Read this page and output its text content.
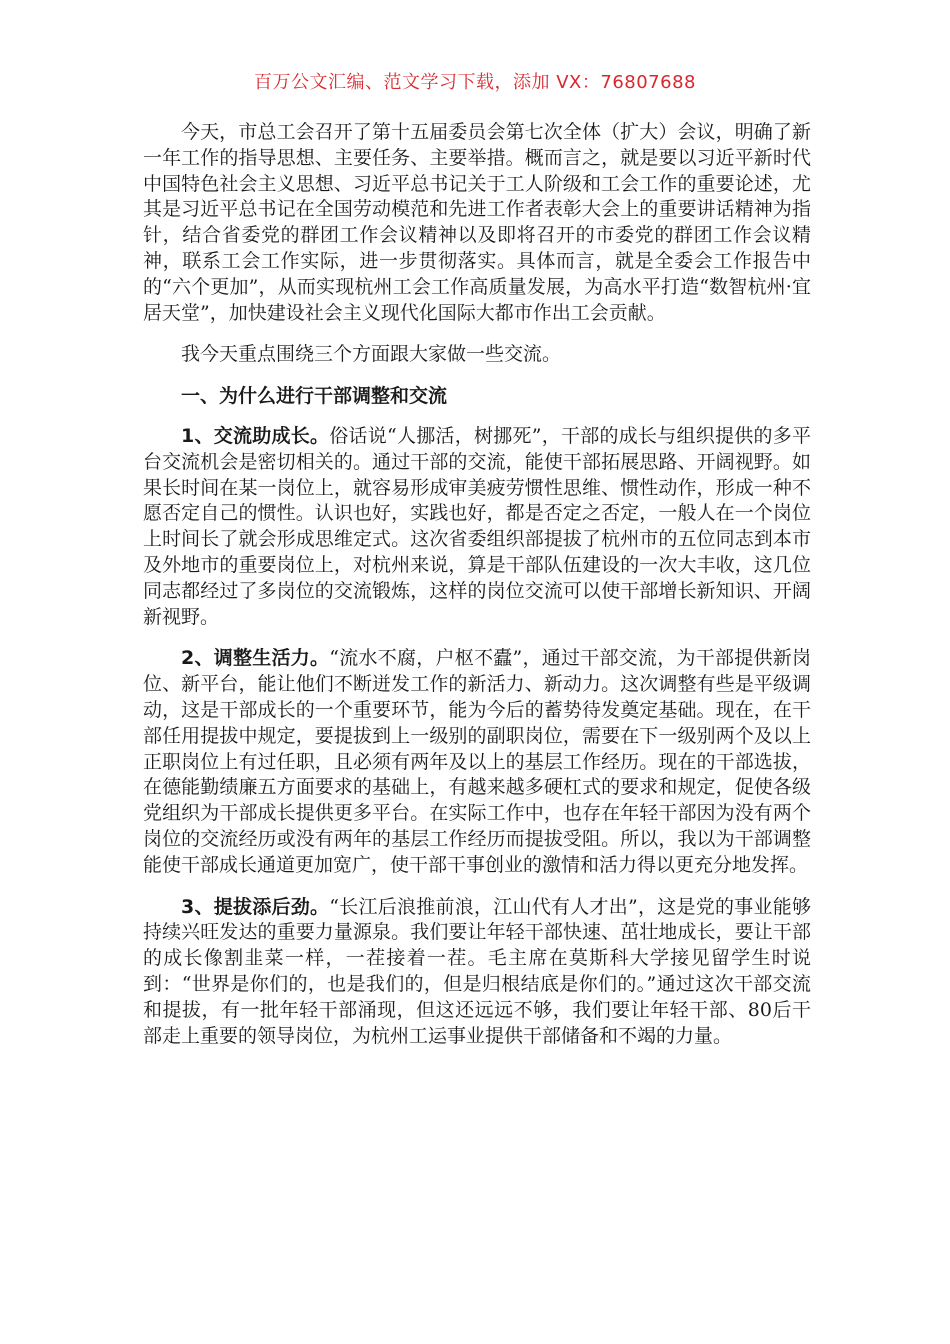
百万公文汇编、范文学习下载，添加 VX：76807688

今天，市总工会召开了第十五届委员会第七次全体（扩大）会议，明确了新一年工作的指导思想、主要任务、主要举措。概而言之，就是要以习近平新时代中国特色社会主义思想、习近平总书记关于工人阶级和工会工作的重要论述，尤其是习近平总书记在全国劳动模范和先进工作者表彰大会上的重要讲话精神为指针，结合省委党的群团工作会议精神以及即将召开的市委党的群团工作会议精神，联系工会工作实际，进一步贯彻落实。具体而言，就是全委会工作报告中的“六个更加”，从而实现杭州工会工作高质量发展，为高水平打造“数智杭州·宜居天堂”，加快建设社会主义现代化国际大都市作出工会贡献。

我今天重点围绕三个方面跟大家做一些交流。

一、为什么进行干部调整和交流

1、交流助成长。俗话说“人挪活，树挪死”，干部的成长与组织提供的多平台交流机会是密切相关的。通过干部的交流，能使干部拓展思路、开阔视野。如果长时间在某一岗位上，就容易形成审美疲劳惯性思维、惯性动作，形成一种不愿否定自己的惯性。认识也好，实践也好，都是否定之否定，一般人在一个岗位上时间长了就会形成思维定式。这次省委组织部提拔了杭州市的五位同志到本市及外地市的重要岗位上，对杭州来说，算是干部队伍建设的一次大丰收，这几位同志都经过了多岗位的交流锻炼，这样的岗位交流可以使干部增长新知识、开阔新视野。

2、调整生活力。“流水不腐，户枢不蠹”，通过干部交流，为干部提供新岗位、新平台，能让他们不断迸发工作的新活力、新动力。这次调整有些是平级调动，这是干部成长的一个重要环节，能为今后的蓄势待发奠定基础。现在，在干部任用提拔中规定，要提拔到上一级别的副职岗位，需要在下一级别两个及以上正职岗位上有过任职，且必须有两年及以上的基层工作经历。现在的干部选拔，在德能勤绩廉五方面要求的基础上，有越来越多硬杠式的要求和规定，促使各级党组织为干部成长提供更多平台。在实际工作中，也存在年轻干部因为没有两个岗位的交流经历或没有两年的基层工作经历而提拔受阻。所以，我以为干部调整能使干部成长通道更加宽广，使干部干事创业的激情和活力得以更充分地发挥。

3、提拔添后劲。“长江后浪推前浪，江山代有人才出”，这是党的事业能够持续兴旺发达的重要力量源泉。我们要让年轻干部快速、茁壮地成长，要让干部的成长像割韭菜一样，一茬接着一茬。毛主席在莫斯科大学接见留学生时说到：“世界是你们的，也是我们的，但是归根结底是你们的。”通过这次干部交流和提拔，有一批年轻干部涌现，但这还远远不够，我们要让年轻干部、80后干部走上重要的领导岗位，为杭州工运事业提供干部储备和不竭的力量。
